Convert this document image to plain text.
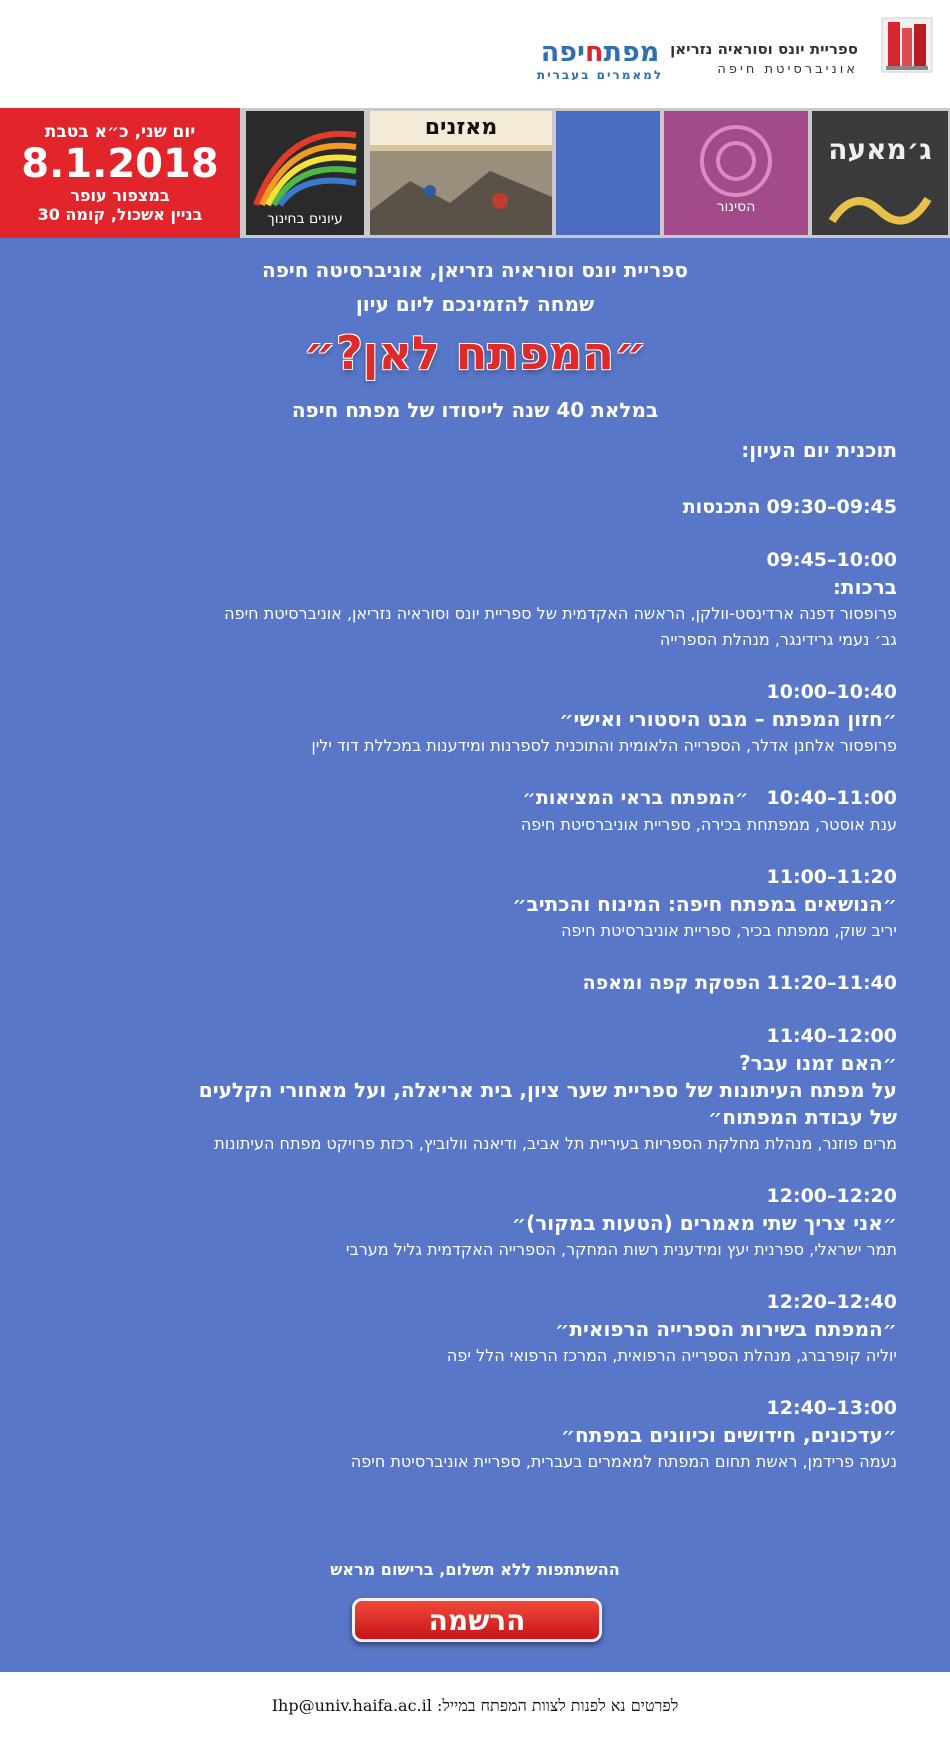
ספריית יונס וסוראיה נזריאן
אוניברסיטת חיפה
מפתחיפה
למאמרים בעברית
ג׳מאעה
הסינור
מאזנים
עיונים בחינוך
יום שני, כ״א בטבת
8.1.2018
במצפור עופר
בניין אשכול, קומה 30
ספריית יונס וסוראיה נזריאן, אוניברסיטה חיפה
שמחה להזמינכם ליום עיון
״המפתח לאן?״
במלאת 40 שנה לייסודו של מפתח חיפה
תוכנית יום העיון:
09:30–09:45התכנסות
09:45–10:00
ברכות:
פרופסור דפנה ארדינסט-וולקן, הראשה האקדמית של ספריית יונס וסוראיה נזריאן, אוניברסיטת חיפה
גב׳ נעמי גרידינגר, מנהלת הספרייה
10:00–10:40
״חזון המפתח – מבט היסטורי ואישי״
פרופסור אלחנן אדלר, הספרייה הלאומית והתוכנית לספרנות ומידענות במכללת דוד ילין
10:40–11:00״המפתח בראי המציאות״
ענת אוסטר, ממפתחת בכירה, ספריית אוניברסיטת חיפה
11:00–11:20
״הנושאים במפתח חיפה: המינוח והכתיב״
יריב שוק, ממפתח בכיר, ספריית אוניברסיטת חיפה
11:20–11:40הפסקת קפה ומאפה
11:40–12:00
״האם זמנו עבר?
על מפתח העיתונות של ספריית שער ציון, בית אריאלה, ועל מאחורי הקלעים
של עבודת המפתוח״
מרים פוזנר, מנהלת מחלקת הספריות בעיריית תל אביב, ודיאנה וולוביץ, רכזת פרויקט מפתח העיתונות
12:00–12:20
״אני צריך שתי מאמרים (הטעות במקור)״
תמר ישראלי, ספרנית יעץ ומידענית רשות המחקר, הספרייה האקדמית גליל מערבי
12:20–12:40
״המפתח בשירות הספרייה הרפואית״
יוליה קופרברג, מנהלת הספרייה הרפואית, המרכז הרפואי הלל יפה
12:40–13:00
״עדכונים, חידושים וכיוונים במפתח״
נעמה פרידמן, ראשת תחום המפתח למאמרים בעברית, ספריית אוניברסיטת חיפה
ההשתתפות ללא תשלום, ברישום מראש
הרשמה
לפרטים נא לפנות לצוות המפתח במייל: Ihp@univ.haifa.ac.il
